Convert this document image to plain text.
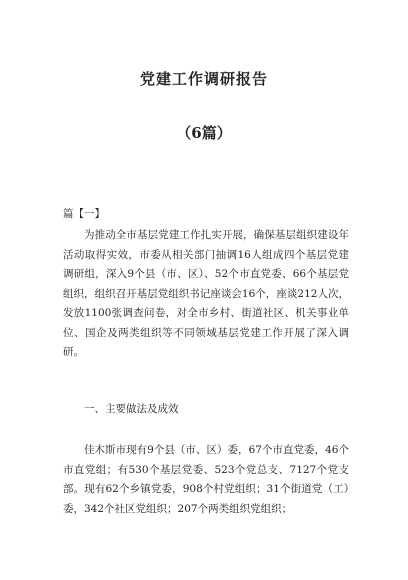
党建工作调研报告
（6篇）
篇【一】
为推动全市基层党建工作扎实开展，确保基层组织建设年活动取得实效，市委从相关部门抽调16人组成四个基层党建调研组，深入9个县（市、区）、52个市直党委、66个基层党组织，组织召开基层党组织书记座谈会16个，座谈212人次，发放1100张调查问卷，对全市乡村、街道社区、机关事业单位、国企及两类组织等不同领域基层党建工作开展了深入调研。
一、主要做法及成效
佳木斯市现有9个县（市、区）委，67个市直党委，46个市直党组；有530个基层党委、523个党总支、7127个党支部。现有62个乡镇党委，908个村党组织；31个街道党（工）委，342个社区党组织；207个两类组织党组织；
